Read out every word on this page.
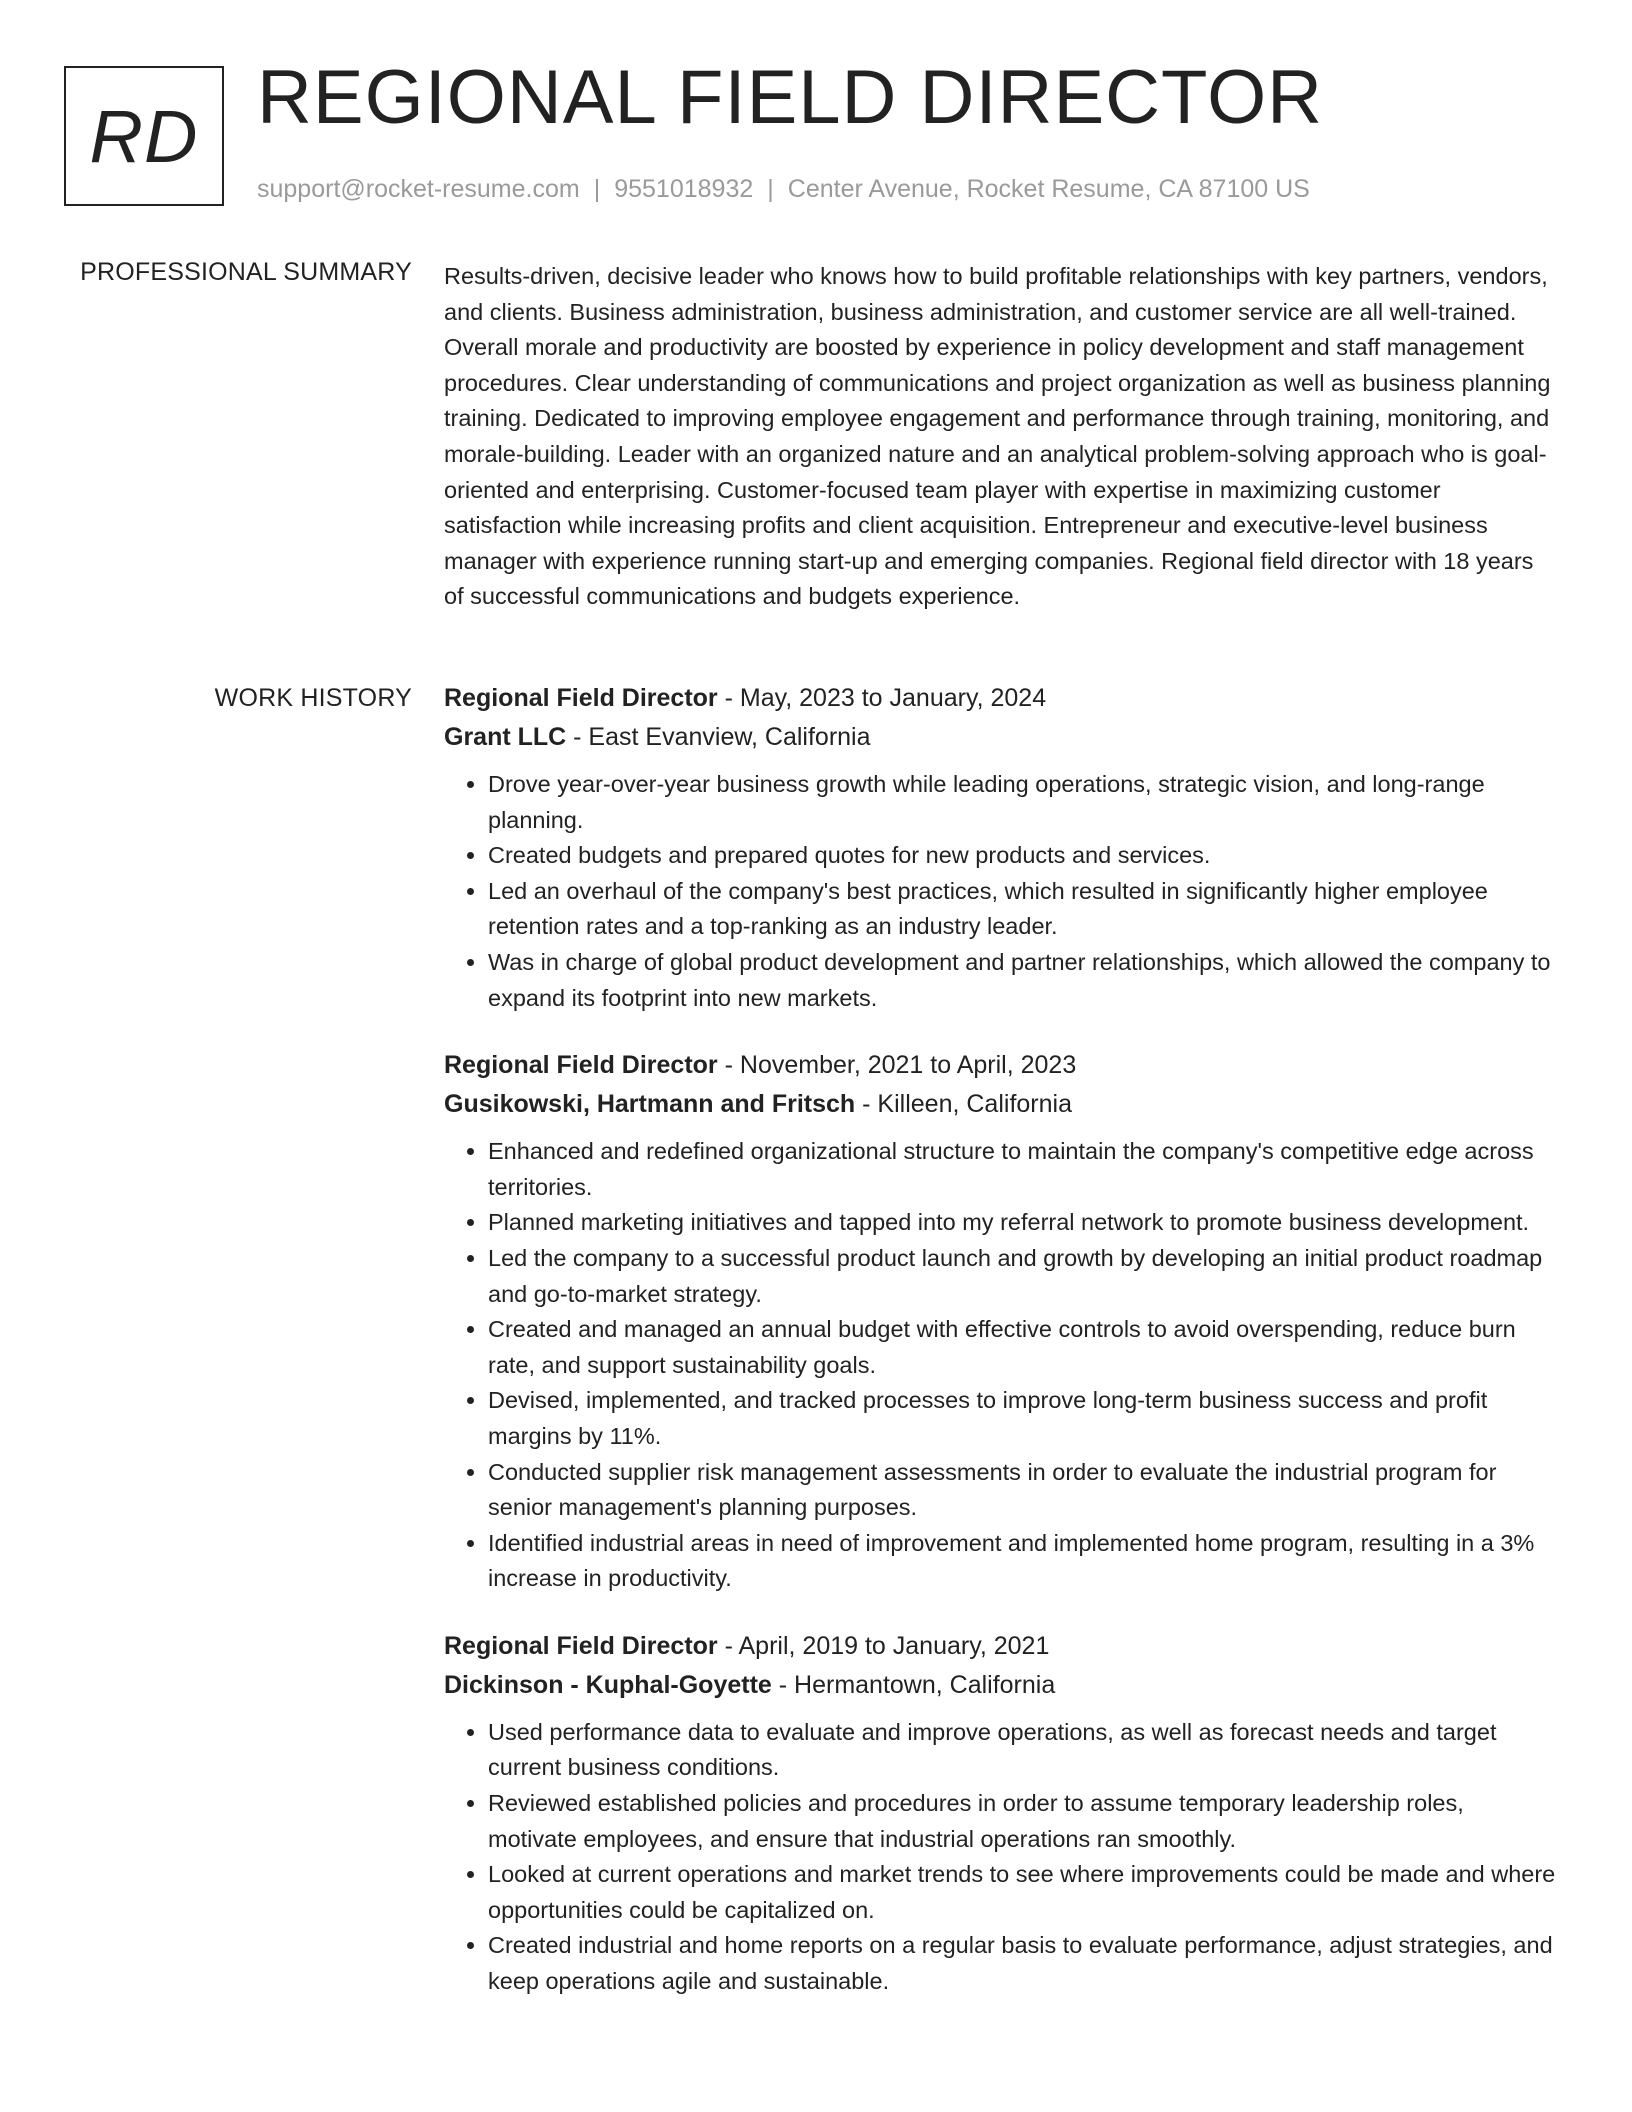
RD REGIONAL FIELD DIRECTOR
support@rocket-resume.com | 9551018932 | Center Avenue, Rocket Resume, CA 87100 US
PROFESSIONAL SUMMARY Results-driven, decisive leader who knows how to build profitable relationships with key partners, vendors, and clients. Business administration, business administration, and customer service are all well-trained. Overall morale and productivity are boosted by experience in policy development and staff management procedures. Clear understanding of communications and project organization as well as business planning training. Dedicated to improving employee engagement and performance through training, monitoring, and morale-building. Leader with an organized nature and an analytical problem-solving approach who is goal-oriented and enterprising. Customer-focused team player with expertise in maximizing customer satisfaction while increasing profits and client acquisition. Entrepreneur and executive-level business manager with experience running start-up and emerging companies. Regional field director with 18 years of successful communications and budgets experience.

WORK HISTORY Regional Field Director - May, 2023 to January, 2024
Grant LLC - East Evanview, California
• Drove year-over-year business growth while leading operations, strategic vision, and long-range planning.
• Created budgets and prepared quotes for new products and services.
• Led an overhaul of the company's best practices, which resulted in significantly higher employee retention rates and a top-ranking as an industry leader.
• Was in charge of global product development and partner relationships, which allowed the company to expand its footprint into new markets.
Regional Field Director - November, 2021 to April, 2023
Gusikowski, Hartmann and Fritsch - Killeen, California
• Enhanced and redefined organizational structure to maintain the company's competitive edge across territories.
• Planned marketing initiatives and tapped into my referral network to promote business development.
• Led the company to a successful product launch and growth by developing an initial product roadmap and go-to-market strategy.
• Created and managed an annual budget with effective controls to avoid overspending, reduce burn rate, and support sustainability goals.
• Devised, implemented, and tracked processes to improve long-term business success and profit margins by 11%.
• Conducted supplier risk management assessments in order to evaluate the industrial program for senior management's planning purposes.
• Identified industrial areas in need of improvement and implemented home program, resulting in a 3% increase in productivity.
Regional Field Director - April, 2019 to January, 2021
Dickinson - Kuphal-Goyette - Hermantown, California
• Used performance data to evaluate and improve operations, as well as forecast needs and target current business conditions.
• Reviewed established policies and procedures in order to assume temporary leadership roles, motivate employees, and ensure that industrial operations ran smoothly.
• Looked at current operations and market trends to see where improvements could be made and where opportunities could be capitalized on.
• Created industrial and home reports on a regular basis to evaluate performance, adjust strategies, and keep operations agile and sustainable.
